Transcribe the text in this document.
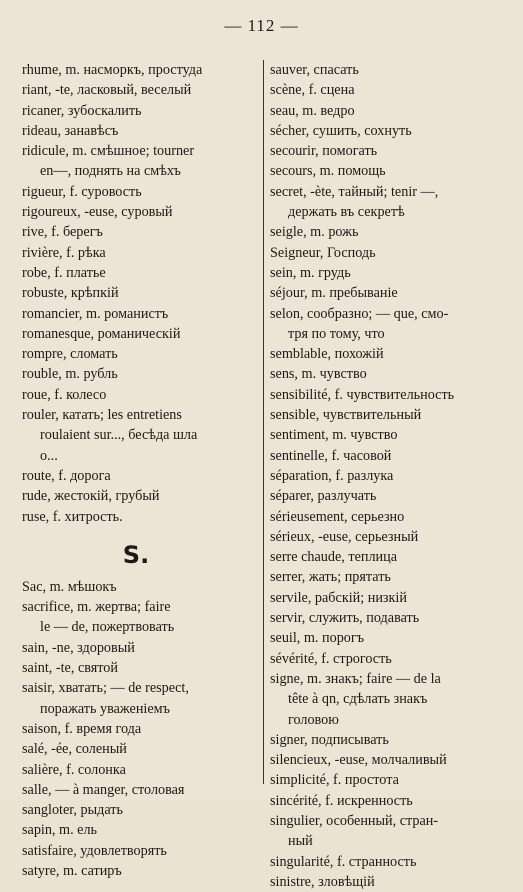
— 112 —
rhume, m. насморкъ, простуда
riant, -te, ласковый, веселый
ricaner, зубоскалить
rideau, занавѣсъ
ridicule, m. смѣшное; tourner
en—, поднять на смѣхъ
rigueur, f. суровость
rigoureux, -euse, суровый
rive, f. берегъ
rivière, f. рѣка
robe, f. платье
robuste, крѣпкій
romancier, m. романистъ
romanesque, романическій
rompre, сломать
rouble, m. рубль
roue, f. колесо
rouler, катать; les entretiens
roulaient sur..., бесѣда шла
o...
route, f. дорога
rude, жестокій, грубый
ruse, f. хитрость.
S.
Sac, m. мѣшокъ
sacrifice, m. жертва; faire
le — de, пожертвовать
sain, -ne, здоровый
saint, -te, святой
saisir, хватать; — de respect,
поражать уваженіемъ
saison, f. время года
salé, -ée, соленый
salière, f. солонка
salle, — à manger, столовая
sangloter, рыдать
sapin, m. ель
satisfaire, удовлетворять
satyre, m. сатиръ
sauver, спасать
scène, f. сцена
seau, m. ведро
sécher, сушить, сохнуть
secourir, помогать
secours, m. помощь
secret, -ète, тайный; tenir —,
держать въ секретѣ
seigle, m. рожь
Seigneur, Господь
sein, m. грудь
séjour, m. пребываніе
selon, сообразно; — que, смо-
тря по тому, что
semblable, похожій
sens, m. чувство
sensibilité, f. чувствительность
sensible, чувствительный
sentiment, m. чувство
sentinelle, f. часовой
séparation, f. разлука
séparer, разлучать
sérieusement, серьезно
sérieux, -euse, серьезный
serre chaude, теплица
serrer, жать; прятать
servile, рабскій; низкій
servir, служить, подавать
seuil, m. порогъ
sévérité, f. строгость
signe, m. знакъ; faire — de la
tête à qn, сдѣлать знакъ
головою
signer, подписывать
silencieux, -euse, молчаливый
simplicité, f. простота
sincérité, f. искренность
singulier, особенный, стран-
ный
singularité, f. странность
sinistre, зловѣщій
